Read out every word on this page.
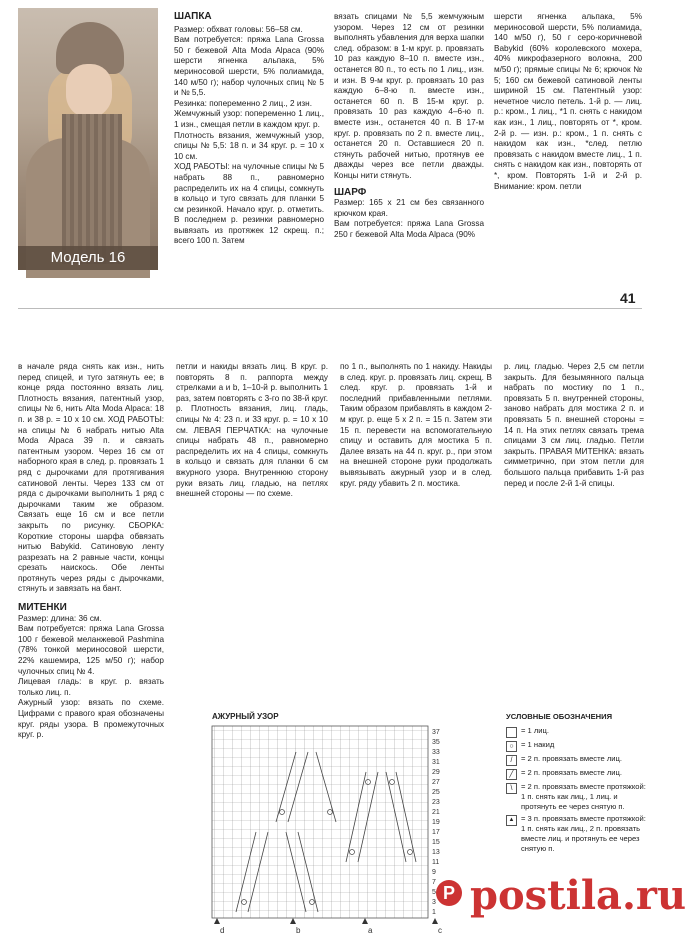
Модель 16

ШАПКА

Размер: обхват головы: 56–58 см.

Вам потребуется: пряжа Lana Grossa 50 г бежевой Alta Moda Alpaca (90% шерсти ягненка альпака, 5% мериносовой шерсти, 5% полиамида, 140 м/50 г); набор чулочных спиц № 5 и № 5,5.

Резинка: попеременно 2 лиц., 2 изн.

Жемчужный узор: попеременно 1 лиц., 1 изн., смещая петли в каждом круг. р.

Плотность вязания, жемчужный узор, спицы № 5,5: 18 п. и 34 круг. р. = 10 х 10 см.

ХОД РАБОТЫ: на чулочные спицы № 5 набрать 88 п., равномерно распределить их на 4 спицы, сомкнуть в кольцо и туго связать для планки 5 см резинкой. Начало круг. р. отметить. В последнем р. резинки равномерно вывязать из протяжек 12 скрещ. п.; всего 100 п. Затем

вязать спицами № 5,5 жемчужным узором. Через 12 см от резинки выполнять убавления для верха шапки след. образом: в 1-м круг. р. провязать 10 раз каждую 8–10 п. вместе изн., останется 80 п., то есть по 1 лиц., изн. и изн. В 9-м круг. р. провязать 10 раз каждую 6–8-ю п. вместе изн., останется 60 п. В 15-м круг. р. провязать 10 раз каждую 4–6-ю п. вместе изн., останется 40 п. В 17-м круг. р. провязать по 2 п. вместе лиц., останется 20 п. Оставшиеся 20 п. стянуть рабочей нитью, протянув ее дважды через все петли дважды. Концы нити стянуть.

ШАРФ

Размер: 165 х 21 см без связанного крючком края.

Вам потребуется: пряжа Lana Grossa 250 г бежевой Alta Moda Alpaca (90%

шерсти ягненка альпака, 5% мериносовой шерсти, 5% полиамида, 140 м/50 г), 50 г серо-коричневой Babykid (60% королевского мохера, 40% микрофазерного волокна, 200 м/50 г); прямые спицы № 6; крючок № 5; 160 см бежевой сатиновой ленты шириной 15 см. Патентный узор: нечетное число петель. 1-й р. — лиц. р.: кром., 1 лиц., *1 п. снять с накидом как изн., 1 лиц., повторять от *, кром. 2-й р. — изн. р.: кром., 1 п. снять с накидом как изн., *след. петлю провязать с накидом вместе лиц., 1 п. снять с накидом как изн., повторять от *, кром. Повторять 1-й и 2-й р. Внимание: кром. петли

41

в начале ряда снять как изн., нить перед спицей, и туго затянуть ее; в конце ряда постоянно вязать лиц. Плотность вязания, патентный узор, спицы № 6, нить Alta Moda Alpaca: 18 п. и 38 р. = 10 х 10 см. ХОД РАБОТЫ: на спицы № 6 набрать нитью Alta Moda Alpaca 39 п. и связать патентным узором. Через 16 см от наборного края в след. р. провязать 1 ряд с дырочками для протягивания сатиновой ленты. Через 133 см от ряда с дырочками выполнить 1 ряд с дырочками таким же образом. Связать еще 16 см и все петли закрыть по рисунку. СБОРКА: Короткие стороны шарфа обвязать нитью Babykid. Сатиновую ленту разрезать на 2 равные части, концы срезать наискось. Обе ленты протянуть через ряды с дырочками, стянуть и завязать на бант.

МИТЕНКИ

Размер: длина: 36 см.

Вам потребуется: пряжа Lana Grossa 100 г бежевой меланжевой Pashmina (78% тонкой мериносовой шерсти, 22% кашемира, 125 м/50 г); набор чулочных спиц № 4.

Лицевая гладь: в круг. р. вязать только лиц. п.

Ажурный узор: вязать по схеме. Цифрами с правого края обозначены круг. ряды узора. В промежуточных круг. р.

петли и накиды вязать лиц. В круг. р. повторять 8 п. раппорта между стрелками а и b, 1–10-й р. выполнить 1 раз, затем повторять с 3-го по 38-й круг. р. Плотность вязания, лиц. гладь, спицы № 4: 23 п. и 33 круг. р. = 10 х 10 см. ЛЕВАЯ ПЕРЧАТКА: на чулочные спицы набрать 48 п., равномерно распределить их на 4 спицы, сомкнуть в кольцо и связать для планки 6 см вжурного узора. Внутреннюю сторону руки вязать лиц. гладью, на петлях внешней стороны — по схеме.

по 1 п., выполнять по 1 накиду. Накиды в след. круг. р. провязать лиц. скрещ. В след. круг. р. провязать 1-й и последний прибавленными петлями. Таким образом прибавлять в каждом 2-м круг. р. еще 5 х 2 п. = 15 п. Затем эти 15 п. перевести на вспомогательную спицу и оставить для мостика 5 п. Далее вязать на 44 п. круг. р., при этом на внешней стороне руки продолжать вывязывать ажурный узор и в след. круг. ряду убавить 2 п. мостика.

р. лиц. гладью. Через 2,5 см петли закрыть. Для безымянного пальца набрать по мостику по 1 п., провязать 5 п. внутренней стороны, заново набрать для мостика 2 п. и провязать 5 п. внешней стороны = 14 п. На этих петлях связать трема спицами 3 см лиц. гладью. Петли закрыть. ПРАВАЯ МИТЕНКА: вязать симметрично, при этом петли для большого пальца прибавить 1-й раз перед и после 2-й 1-й спицы.

АЖУРНЫЙ УЗОР
37
35
33
31
29
27
25
23
21
19
17
15
13
11
9
7
5
3
1
d	b	a	c
УСЛОВНЫЕ ОБОЗНАЧЕНИЯ
= 1 лиц.
○ = 1 накид
/	= 2 п. провязать вместе лиц.
╱ = 2 п. провязать вместе лиц.
\	= 2 п. провязать вместе протяжкой: 1 п. снять как лиц., 1 лиц. и протянуть ее через снятую п.
▲ = 3 п. провязать вместе протяжкой: 1 п. снять как лиц., 2 п. провязать вместе лиц. и протянуть ее через снятую п.
P postila.ru
